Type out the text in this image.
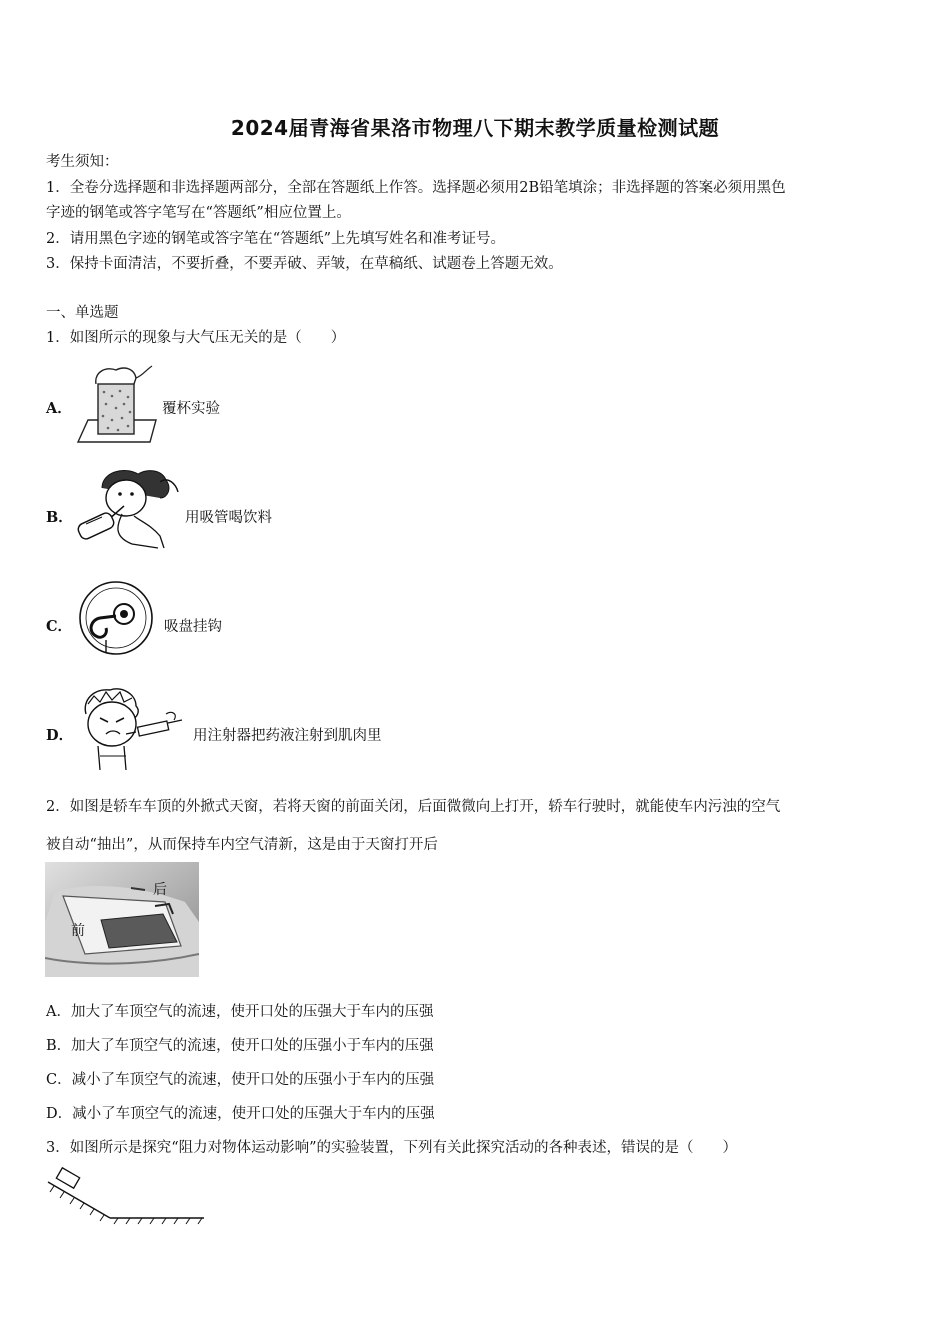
2024届青海省果洛市物理八下期末教学质量检测试题
考生须知：
1．全卷分选择题和非选择题两部分，全部在答题纸上作答。选择题必须用2B铅笔填涂；非选择题的答案必须用黑色
字迹的钢笔或答字笔写在“答题纸”相应位置上。
2．请用黑色字迹的钢笔或答字笔在“答题纸”上先填写姓名和准考证号。
3．保持卡面清洁，不要折叠，不要弄破、弄皱，在草稿纸、试题卷上答题无效。
一、单选题
1．如图所示的现象与大气压无关的是（　　）
A．	覆杯实验
B．	用吸管喝饮料
C．	吸盘挂钩
D．	用注射器把药液注射到肌肉里
2．如图是轿车车顶的外掀式天窗，若将天窗的前面关闭，后面微微向上打开，轿车行驶时，就能使车内污浊的空气
被自动“抽出”，从而保持车内空气清新，这是由于天窗打开后
后
前
A．加大了车顶空气的流速，使开口处的压强大于车内的压强
B．加大了车顶空气的流速，使开口处的压强小于车内的压强
C．减小了车顶空气的流速，使开口处的压强小于车内的压强
D．减小了车顶空气的流速，使开口处的压强大于车内的压强
3．如图所示是探究“阻力对物体运动影响”的实验装置，下列有关此探究活动的各种表述，错误的是（　　）
